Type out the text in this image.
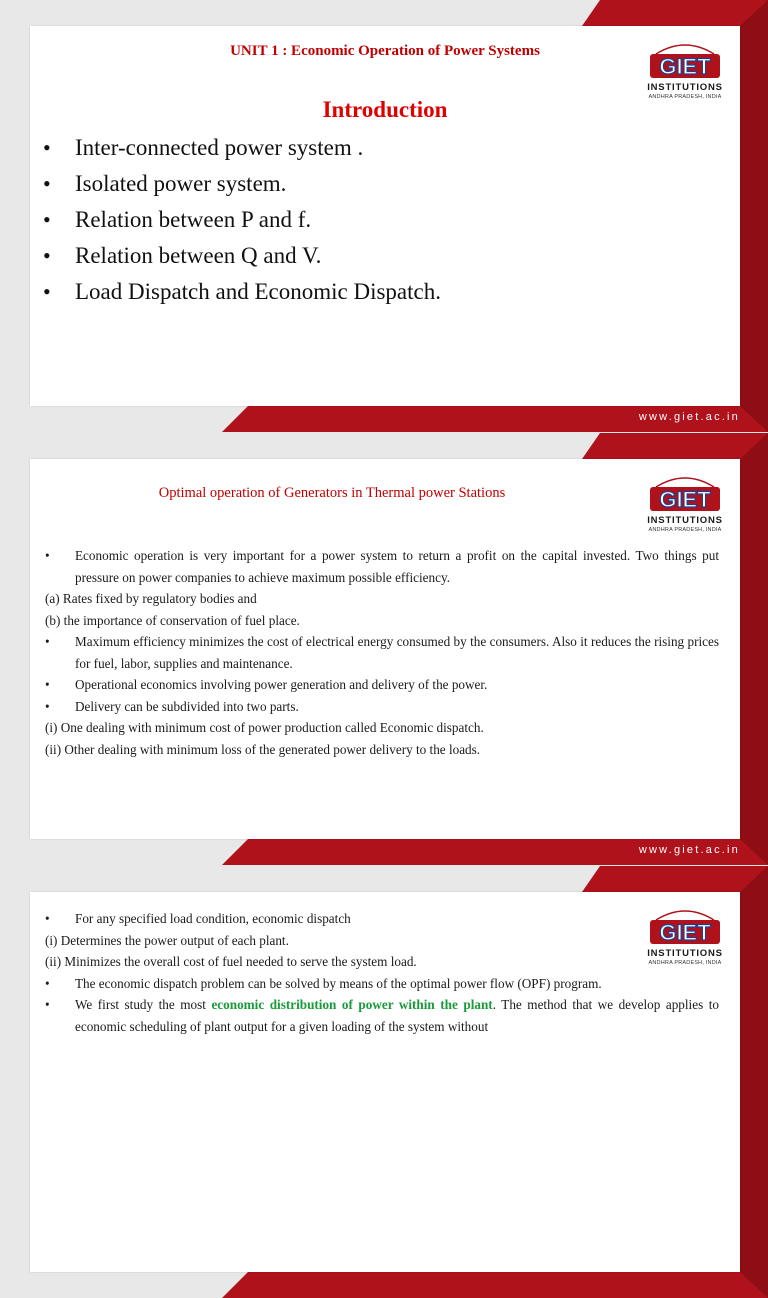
UNIT 1 : Economic Operation of Power Systems
Introduction
• Inter-connected power system .
• Isolated power system.
• Relation between P and f.
• Relation between Q and V.
• Load Dispatch and Economic Dispatch.
GIET
INSTITUTIONS
ANDHRA PRADESH, INDIA
www.giet.ac.in
Optimal operation of Generators in Thermal power Stations
• Economic operation is very important for a power system to return a profit on the capital invested. Two things put pressure on power companies to achieve maximum possible efficiency.
(a) Rates fixed by regulatory bodies and
(b) the importance of conservation of fuel place.
• Maximum efficiency minimizes the cost of electrical energy consumed by the consumers. Also it reduces the rising prices for fuel, labor, supplies and maintenance.
• Operational economics involving power generation and delivery of the power.
• Delivery can be subdivided into two parts.
(i) One dealing with minimum cost of power production called Economic dispatch.
(ii) Other dealing with minimum loss of the generated power delivery to the loads.
GIET
INSTITUTIONS
ANDHRA PRADESH, INDIA
www.giet.ac.in
• For any specified load condition, economic dispatch
(i) Determines the power output of each plant.
(ii) Minimizes the overall cost of fuel needed to serve the system load.
• The economic dispatch problem can be solved by means of the optimal power flow (OPF) program.
• We first study the most economic distribution of power within the plant. The method that we develop applies to economic scheduling of plant output for a given loading of the system without
GIET
INSTITUTIONS
ANDHRA PRADESH, INDIA
